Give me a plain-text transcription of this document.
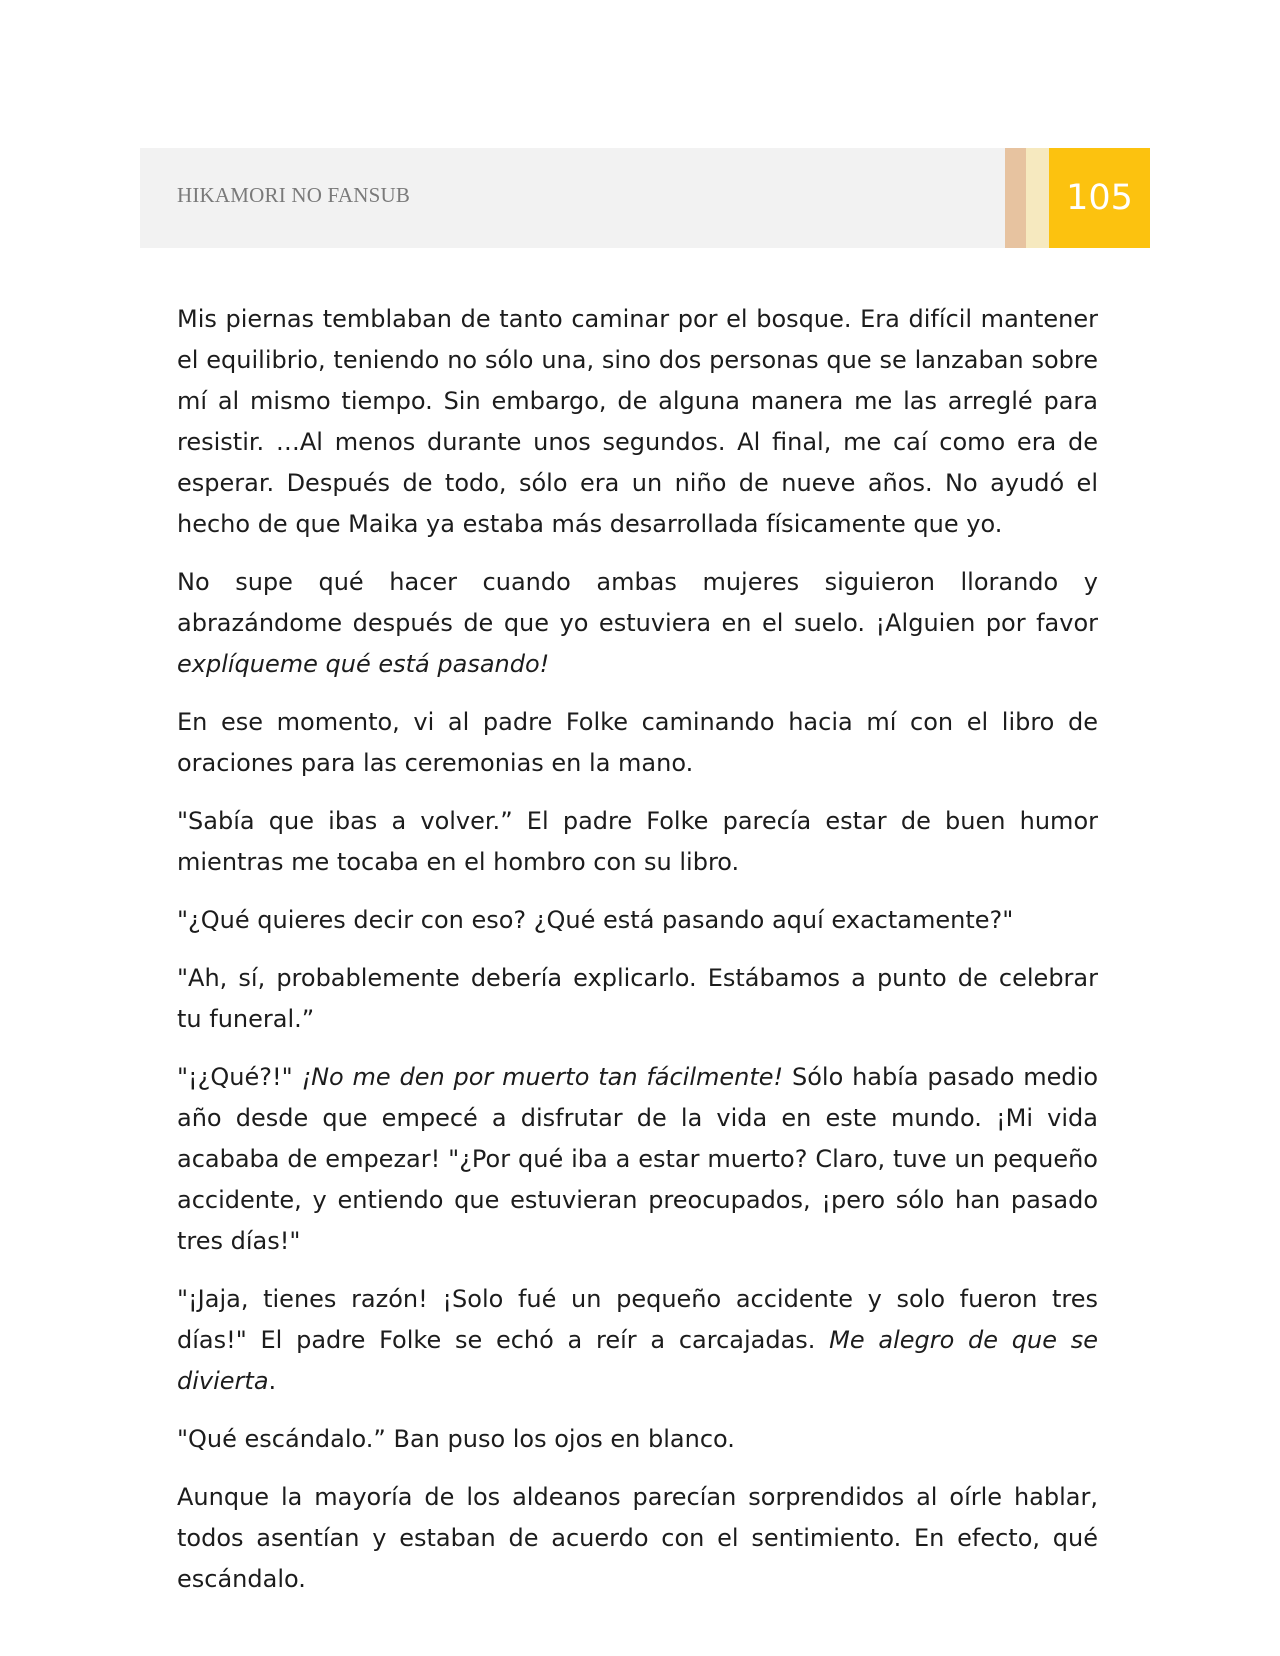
HIKAMORI NO FANSUB	105

Mis piernas temblaban de tanto caminar por el bosque. Era difícil mantener el equilibrio, teniendo no sólo una, sino dos personas que se lanzaban sobre mí al mismo tiempo. Sin embargo, de alguna manera me las arreglé para resistir. …Al menos durante unos segundos. Al final, me caí como era de esperar. Después de todo, sólo era un niño de nueve años. No ayudó el hecho de que Maika ya estaba más desarrollada físicamente que yo.

No supe qué hacer cuando ambas mujeres siguieron llorando y abrazándome después de que yo estuviera en el suelo. ¡Alguien por favor explíqueme qué está pasando!

En ese momento, vi al padre Folke caminando hacia mí con el libro de oraciones para las ceremonias en la mano.

"Sabía que ibas a volver.” El padre Folke parecía estar de buen humor mientras me tocaba en el hombro con su libro.

"¿Qué quieres decir con eso? ¿Qué está pasando aquí exactamente?"

"Ah, sí, probablemente debería explicarlo. Estábamos a punto de celebrar tu funeral.”

"¡¿Qué?!" ¡No me den por muerto tan fácilmente! Sólo había pasado medio año desde que empecé a disfrutar de la vida en este mundo. ¡Mi vida acababa de empezar! "¿Por qué iba a estar muerto? Claro, tuve un pequeño accidente, y entiendo que estuvieran preocupados, ¡pero sólo han pasado tres días!"

"¡Jaja, tienes razón! ¡Solo fué un pequeño accidente y solo fueron tres días!" El padre Folke se echó a reír a carcajadas. Me alegro de que se divierta.

"Qué escándalo.” Ban puso los ojos en blanco.

Aunque la mayoría de los aldeanos parecían sorprendidos al oírle hablar, todos asentían y estaban de acuerdo con el sentimiento. En efecto, qué escándalo.
